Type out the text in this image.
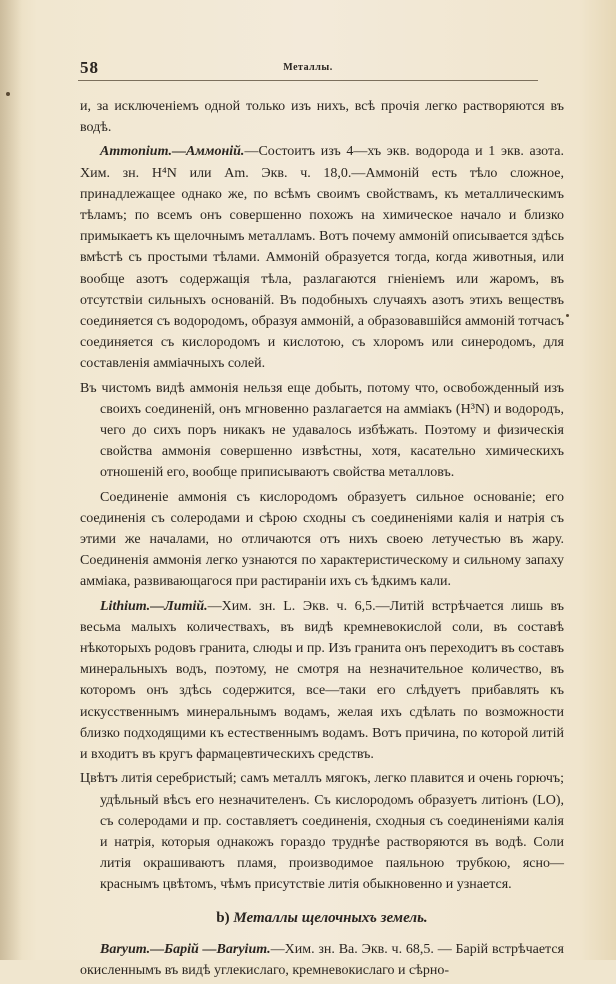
58	Металлы.

и, за исключеніемъ одной только изъ нихъ, всѣ прочія легко растворяются въ водѣ.

Ammonium.—Аммоній.—Состоитъ изъ 4—хъ экв. водорода и 1 экв. азота. Хим. зн. H⁴N или Am. Экв. ч. 18,0.—Аммоній есть тѣло сложное, принадлежащее однако же, по всѣмъ своимъ свойствамъ, къ металлическимъ тѣламъ; по всемъ онъ совершенно похожъ на химическое начало и близко примыкаетъ къ щелочнымъ металламъ. Вотъ почему аммоній описывается здѣсь вмѣстѣ съ простыми тѣлами. Аммоній образуется тогда, когда животныя, или вообще азотъ содержащія тѣла, разлагаются гніеніемъ или жаромъ, въ отсутствіи сильныхъ основаній. Въ подобныхъ случаяхъ азотъ этихъ веществъ соединяется съ водородомъ, образуя аммоній, а образовавшійся аммоній тотчасъ соединяется съ кислородомъ и кислотою, съ хлоромъ или синеродомъ, для составленія аммiачныхъ солей.

Въ чистомъ видѣ аммонія нельзя еще добыть, потому что, освобожденный изъ своихъ соединеній, онъ мгновенно разлагается на аммiакъ (H³N) и водородъ, чего до сихъ поръ никакъ не удавалось избѣжать. Поэтому и физическія свойства аммонія совершенно извѣстны, хотя, касательно химическихъ отношеній его, вообще приписываютъ свойства металловъ.

Соединеніе аммонія съ кислородомъ образуетъ сильное основаніе; его соединенія съ солеродами и сѣрою сходны съ соединеніями калія и натрія съ этими же началами, но отличаются отъ нихъ своею летучестью въ жару. Соединенія аммонія легко узнаются по характеристическому и сильному запаху аммiака, развивающагося при растираніи ихъ съ ѣдкимъ кали.

Lithium.—Литій.—Хим. зн. L. Экв. ч. 6,5.—Литій встрѣчается лишь въ весьма малыхъ количествахъ, въ видѣ кремневокислой соли, въ составѣ нѣкоторыхъ родовъ гранита, слюды и пр. Изъ гранита онъ переходитъ въ составъ минеральныхъ водъ, поэтому, не смотря на незначительное количество, въ которомъ онъ здѣсь содержится, все—таки его слѣдуетъ прибавлять къ искусственнымъ минеральнымъ водамъ, желая ихъ сдѣлать по возможности близко подходящими къ естественнымъ водамъ. Вотъ причина, по которой литій и входитъ въ кругъ фармацевтическихъ средствъ.

Цвѣтъ литія серебристый; самъ металлъ мягокъ, легко плавится и очень горючъ; удѣльный вѣсъ его незначителенъ. Съ кислородомъ образуетъ литіонъ (LO), съ солеродами и пр. составляетъ соединенія, сходныя съ соединеніями калія и натрія, которыя однакожъ гораздо труднѣе растворяются въ водѣ. Соли литія окрашиваютъ пламя, производимое паяльною трубкою, ясно—краснымъ цвѣтомъ, чѣмъ присутствіе литія обыкновенно и узнается.

b) Металлы щелочныхъ земель.

Baryum.—Барій —Baryium.—Хим. зн. Ba. Экв. ч. 68,5. — Барій встрѣчается окисленнымъ въ видѣ углекислаго, кремневокислаго и сѣрно-
